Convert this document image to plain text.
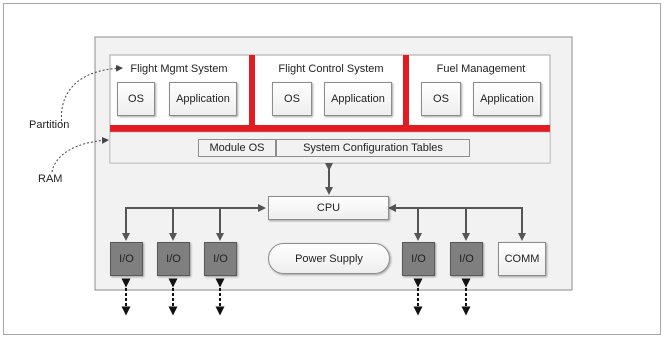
Partition
RAM
Flight Mgmt System
OS	Application
Flight Control System
OS	Application
Fuel Management
OS	Application
Module OS	System Configuration Tables
CPU
Power Supply
I/O	I/O	I/O	I/O	I/O	COMM
